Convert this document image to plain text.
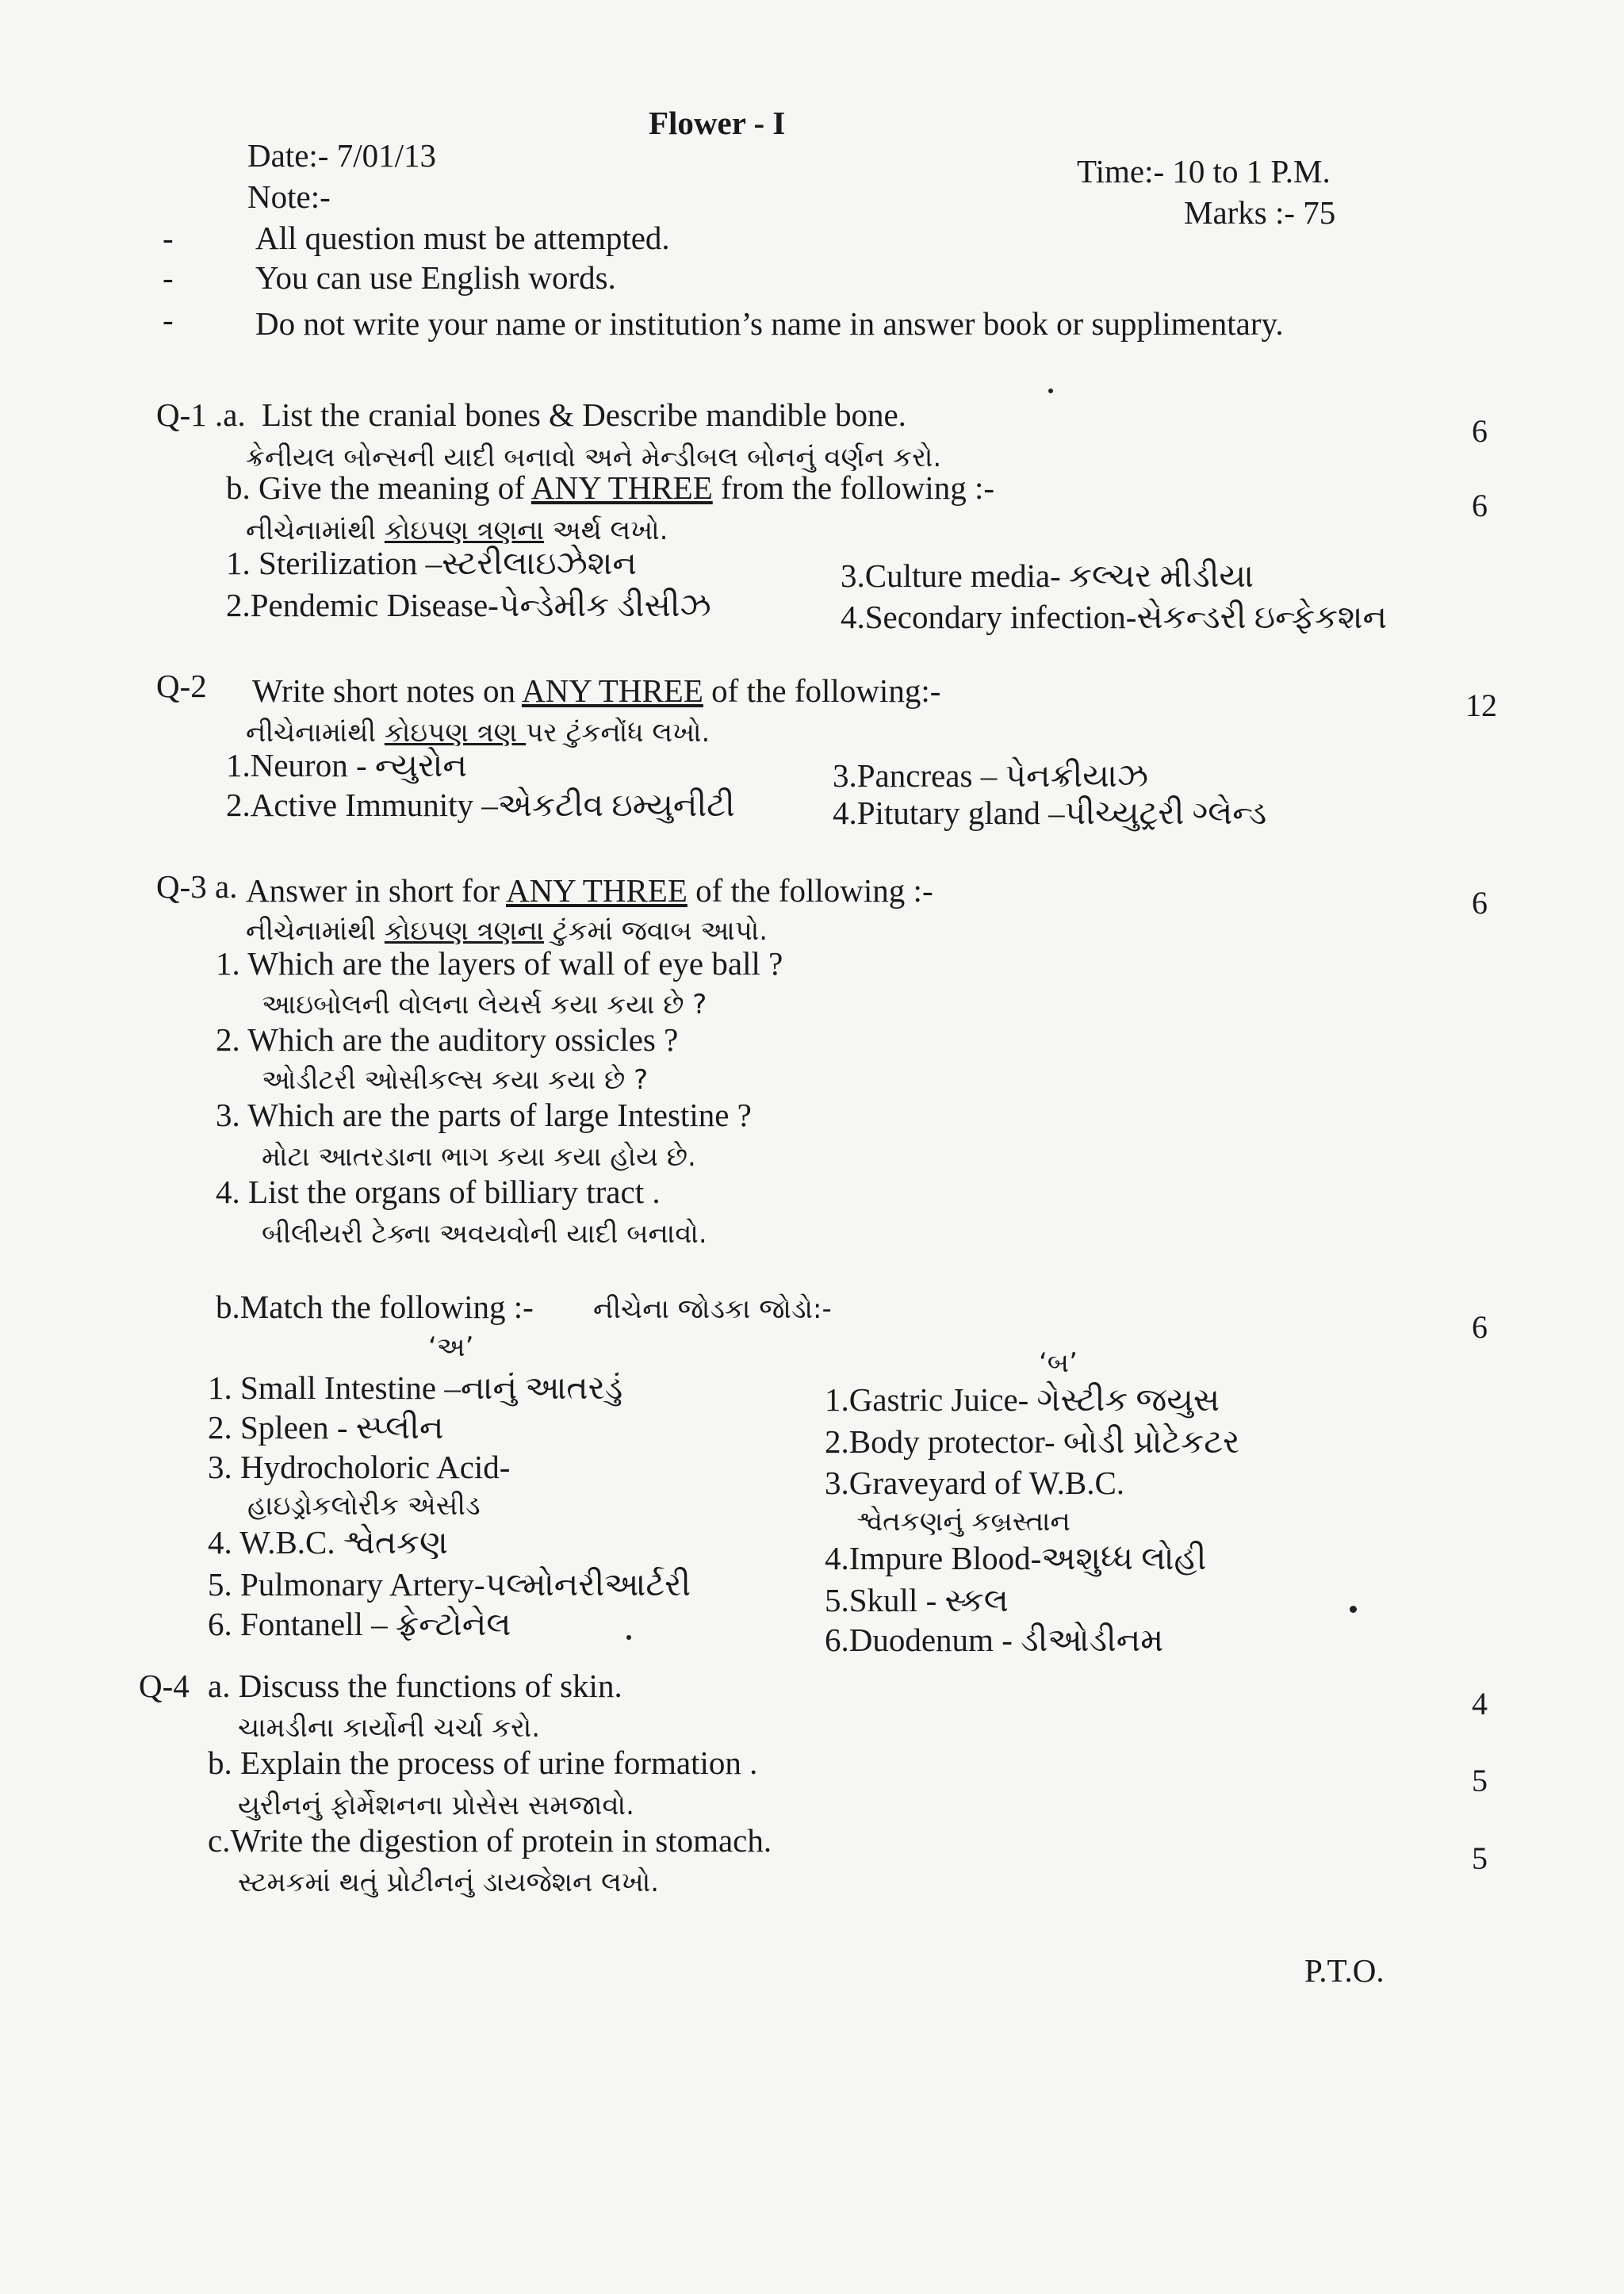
Flower - I
Date:- 7/01/13
Note:-
Time:- 10 to 1 P.M.
Marks :- 75
-	All question must be attempted.
-	You can use English words.
-	Do not write your name or institution’s name in answer book or supplimentary.
Q-1 .a. List the cranial bones & Describe mandible bone.
ક્રેનીયલ બોન્સની યાદી બનાવો અને મેન્ડીબલ બોનનું વર્ણન કરો.
6
b. Give the meaning of ANY THREE from the following :-
નીચેનામાંથી કોઇપણ ત્રણના અર્થ લખો.
6
1. Sterilization –સ્ટરીલાઇઝેશન
2.Pendemic Disease-પેન્ડેમીક ડીસીઝ
3.Culture media- કલ્ચર મીડીયા
4.Secondary infection-સેકન્ડરી ઇન્ફેકશન
Q-2 Write short notes on ANY THREE of the following:-
નીચેનામાંથી કોઇપણ ત્રણ પર ટુંકનોંધ લખો.
12
1.Neuron - ન્યુરોન
2.Active Immunity –એકટીવ ઇમ્યુનીટી
3.Pancreas – પેનક્રીયાઝ
4.Pitutary gland –પીચ્યુટ્રરી ગ્લેન્ડ
Q-3 a. Answer in short for ANY THREE of the following :-
નીચેનામાંથી કોઇપણ ત્રણના ટુંકમાં જવાબ આપો.
6
1. Which are the layers of wall of eye ball ?
આઇબોલની વોલના લેયર્સ કયા કયા છે ?
2. Which are the auditory ossicles ?
ઓડીટરી ઓસીકલ્સ કયા કયા છે ?
3. Which are the parts of large Intestine ?
મોટા આતરડાના ભાગ કયા કયા હોય છે.
4. List the organs of billiary tract .
બીલીયરી ટેક્ના અવયવોની યાદી બનાવો.
b.Match the following :- નીચેના જોડકા જોડો:-	6
‘અ’	‘બ’
1. Small Intestine –નાનું આતરડું
2. Spleen - સ્પ્લીન
3. Hydrocholoric Acid-
હાઇડ્રોકલોરીક એસીડ
4. W.B.C. શ્વેતકણ
5. Pulmonary Artery-પલ્મોનરીઆર્ટરી
6. Fontanell – ફ્રેન્ટોનેલ
1.Gastric Juice- ગેસ્ટીક જયુસ
2.Body protector- બોડી પ્રોટેકટર
3.Graveyard of W.B.C.
શ્વેતકણનું કબ્રસ્તાન
4.Impure Blood-અશુધ્ધ લોહી
5.Skull - સ્કલ
6.Duodenum - ડીઓડીનમ
Q-4 a. Discuss the functions of skin.
ચામડીના કાર્યોની ચર્ચા કરો.
4
b. Explain the process of urine formation .
યુરીનનું ફોર્મેશનના પ્રોસેસ સમજાવો.
5
c.Write the digestion of protein in stomach.
સ્ટમકમાં થતું પ્રોટીનનું ડાયજેશન લખો.
5
P.T.O.
